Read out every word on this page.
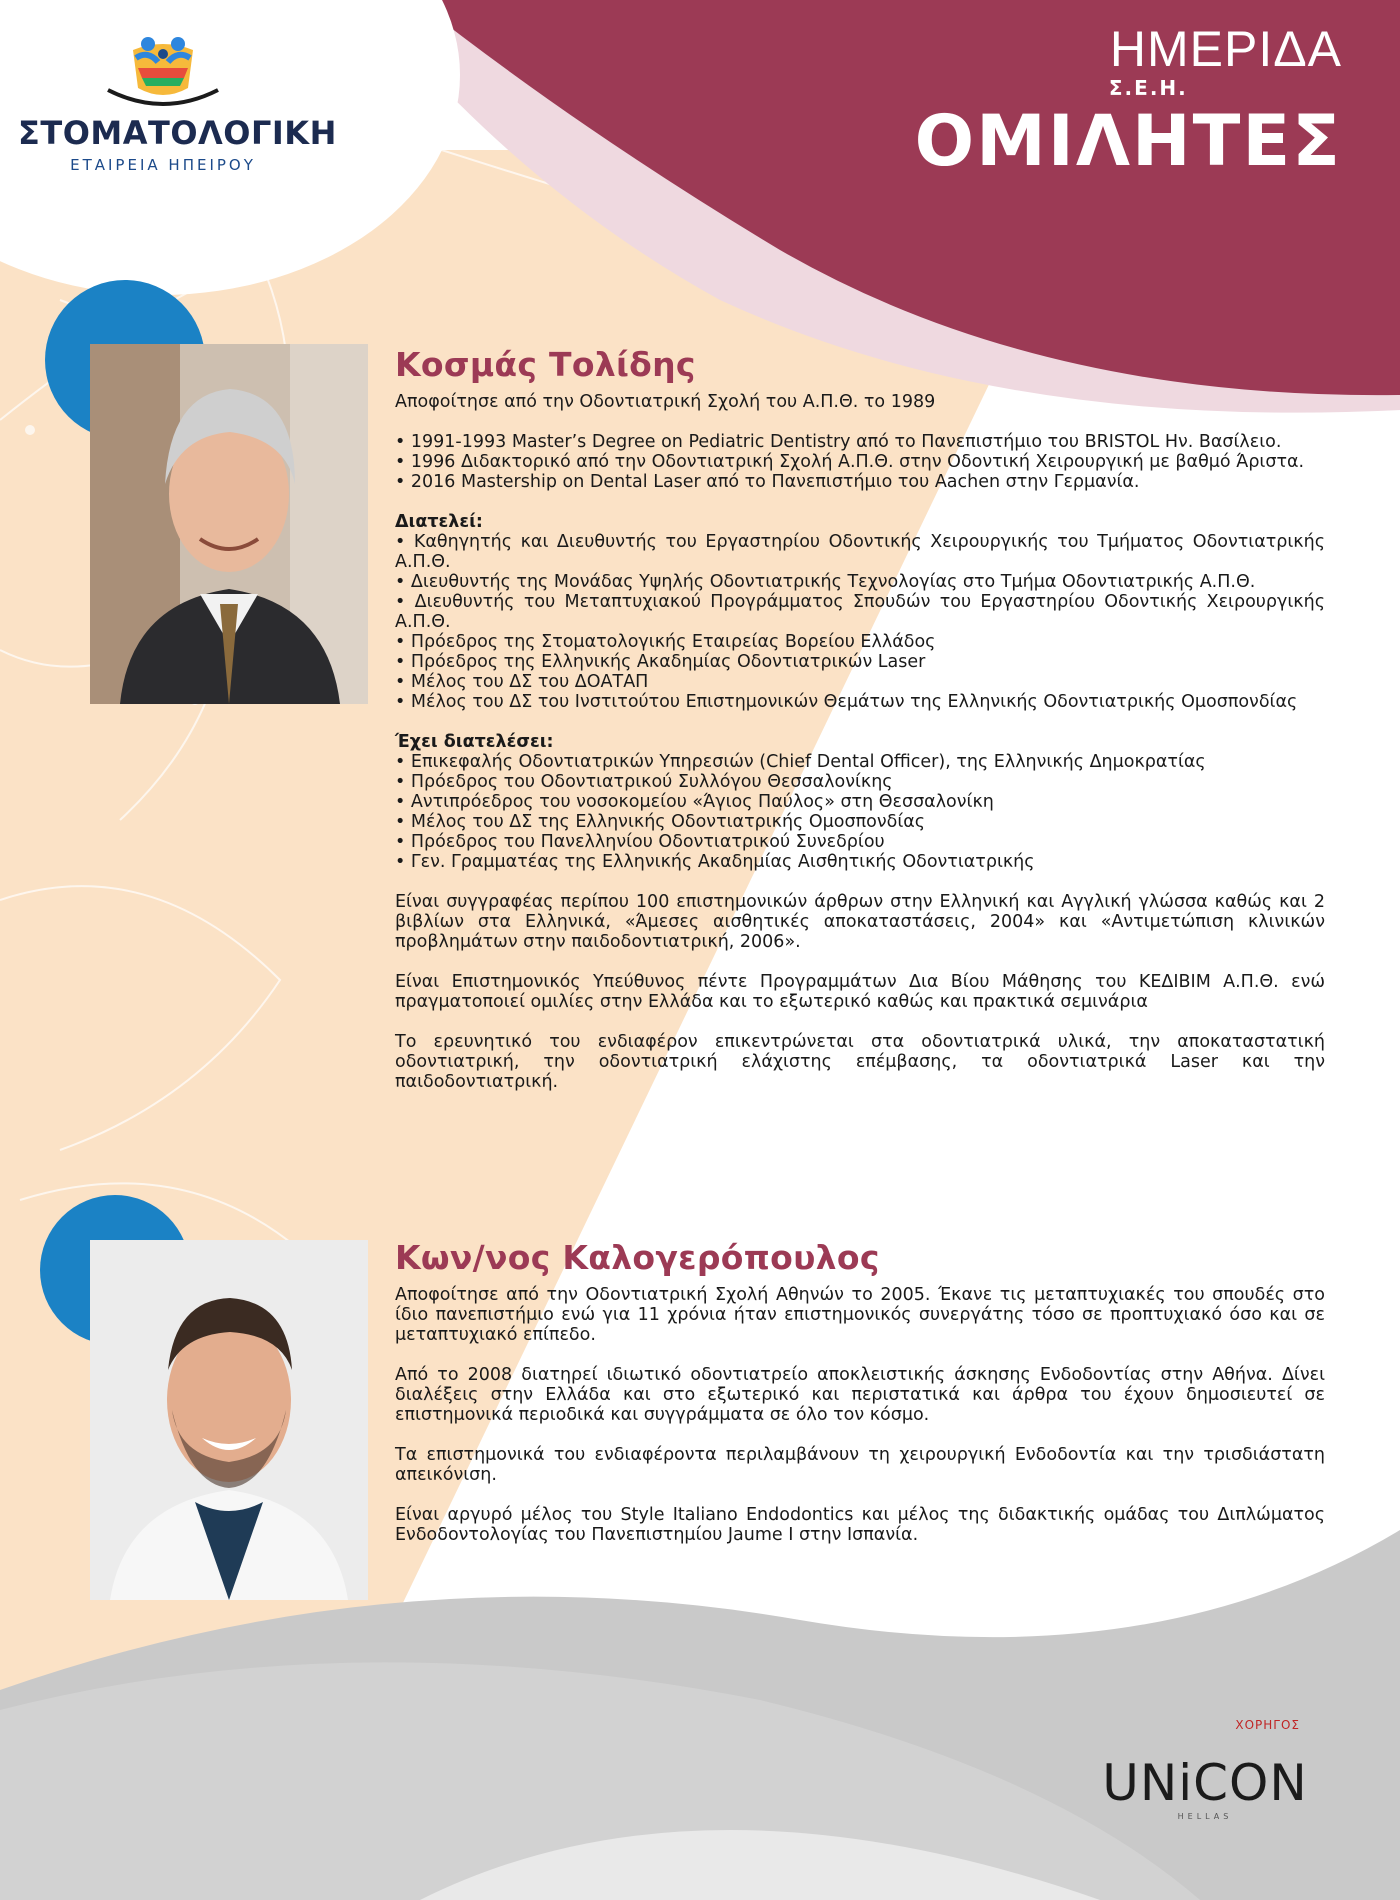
ΣΤΟΜΑΤΟΛΟΓΙΚΗ
ΕΤΑΙΡΕΙΑ ΗΠΕΙΡΟΥ
ΗΜΕΡΙΔΑ
Σ.Ε.Η.
ΟΜΙΛΗΤΕΣ
Κοσμάς Τολίδης

Αποφοίτησε από την Οδοντιατρική Σχολή του Α.Π.Θ. το 1989

• 1991-1993 Master’s Degree on Pediatric Dentistry από το Πανεπιστήμιο του BRISTOL Ην. Βασίλειο.
• 1996 Διδακτορικό από την Οδοντιατρική Σχολή Α.Π.Θ. στην Οδοντική Χειρουργική με βαθμό Άριστα.
• 2016 Mastership on Dental Laser από το Πανεπιστήμιο του Aachen στην Γερμανία.
Διατελεί:
• Καθηγητής και Διευθυντής του Εργαστηρίου Οδοντικής Χειρουργικής του Τμήματος Οδοντιατρικής Α.Π.Θ.
• Διευθυντής της Μονάδας Υψηλής Οδοντιατρικής Τεχνολογίας στο Τμήμα Οδοντιατρικής Α.Π.Θ.
• Διευθυντής του Μεταπτυχιακού Προγράμματος Σπουδών του Εργαστηρίου Οδοντικής Χειρουργικής Α.Π.Θ.
• Πρόεδρος της Στοματολογικής Εταιρείας Βορείου Ελλάδος
• Πρόεδρος της Ελληνικής Ακαδημίας Οδοντιατρικών Laser
• Μέλος του ΔΣ του ΔΟΑΤΑΠ
• Μέλος του ΔΣ του Ινστιτούτου Επιστημονικών Θεμάτων της Ελληνικής Οδοντιατρικής Ομοσπονδίας
Έχει διατελέσει:
• Επικεφαλής Οδοντιατρικών Υπηρεσιών (Chief Dental Officer), της Ελληνικής Δημοκρατίας
• Πρόεδρος του Οδοντιατρικού Συλλόγου Θεσσαλονίκης
• Αντιπρόεδρος του νοσοκομείου «Άγιος Παύλος» στη Θεσσαλονίκη
• Μέλος του ΔΣ της Ελληνικής Οδοντιατρικής Ομοσπονδίας
• Πρόεδρος του Πανελληνίου Οδοντιατρικού Συνεδρίου
• Γεν. Γραμματέας της Ελληνικής Ακαδημίας Αισθητικής Οδοντιατρικής

Είναι συγγραφέας περίπου 100 επιστημονικών άρθρων στην Ελληνική και Αγγλική γλώσσα καθώς και 2 βιβλίων στα Ελληνικά, «Άμεσες αισθητικές αποκαταστάσεις, 2004» και «Αντιμετώπιση κλινικών προβλημάτων στην παιδοδοντιατρική, 2006».

Είναι Επιστημονικός Υπεύθυνος πέντε Προγραμμάτων Δια Βίου Μάθησης του ΚΕΔΙΒΙΜ Α.Π.Θ. ενώ πραγματοποιεί ομιλίες στην Ελλάδα και το εξωτερικό καθώς και πρακτικά σεμινάρια

Το ερευνητικό του ενδιαφέρον επικεντρώνεται στα οδοντιατρικά υλικά, την αποκαταστατική οδοντιατρική, την οδοντιατρική ελάχιστης επέμβασης, τα οδοντιατρικά Laser και την παιδοδοντιατρική.

Κων/νος Καλογερόπουλος

Αποφοίτησε από την Οδοντιατρική Σχολή Αθηνών το 2005. Έκανε τις μεταπτυχιακές του σπουδές στο ίδιο πανεπιστήμιο ενώ για 11 χρόνια ήταν επιστημονικός συνεργάτης τόσο σε προπτυχιακό όσο και σε μεταπτυχιακό επίπεδο.

Από το 2008 διατηρεί ιδιωτικό οδοντιατρείο αποκλειστικής άσκησης Ενδοδοντίας στην Αθήνα. Δίνει διαλέξεις στην Ελλάδα και στο εξωτερικό και περιστατικά και άρθρα του έχουν δημοσιευτεί σε επιστημονικά περιοδικά και συγγράμματα σε όλο τον κόσμο.

Τα επιστημονικά του ενδιαφέροντα περιλαμβάνουν τη χειρουργική Ενδοδοντία και την τρισδιάστατη απεικόνιση.

Είναι αργυρό μέλος του Style Italiano Endodontics και μέλος της διδακτικής ομάδας του Διπλώματος Ενδοδοντολογίας του Πανεπιστημίου Jaume I στην Ισπανία.

ΧΟΡΗΓΟΣ
UNiCON
HELLAS
